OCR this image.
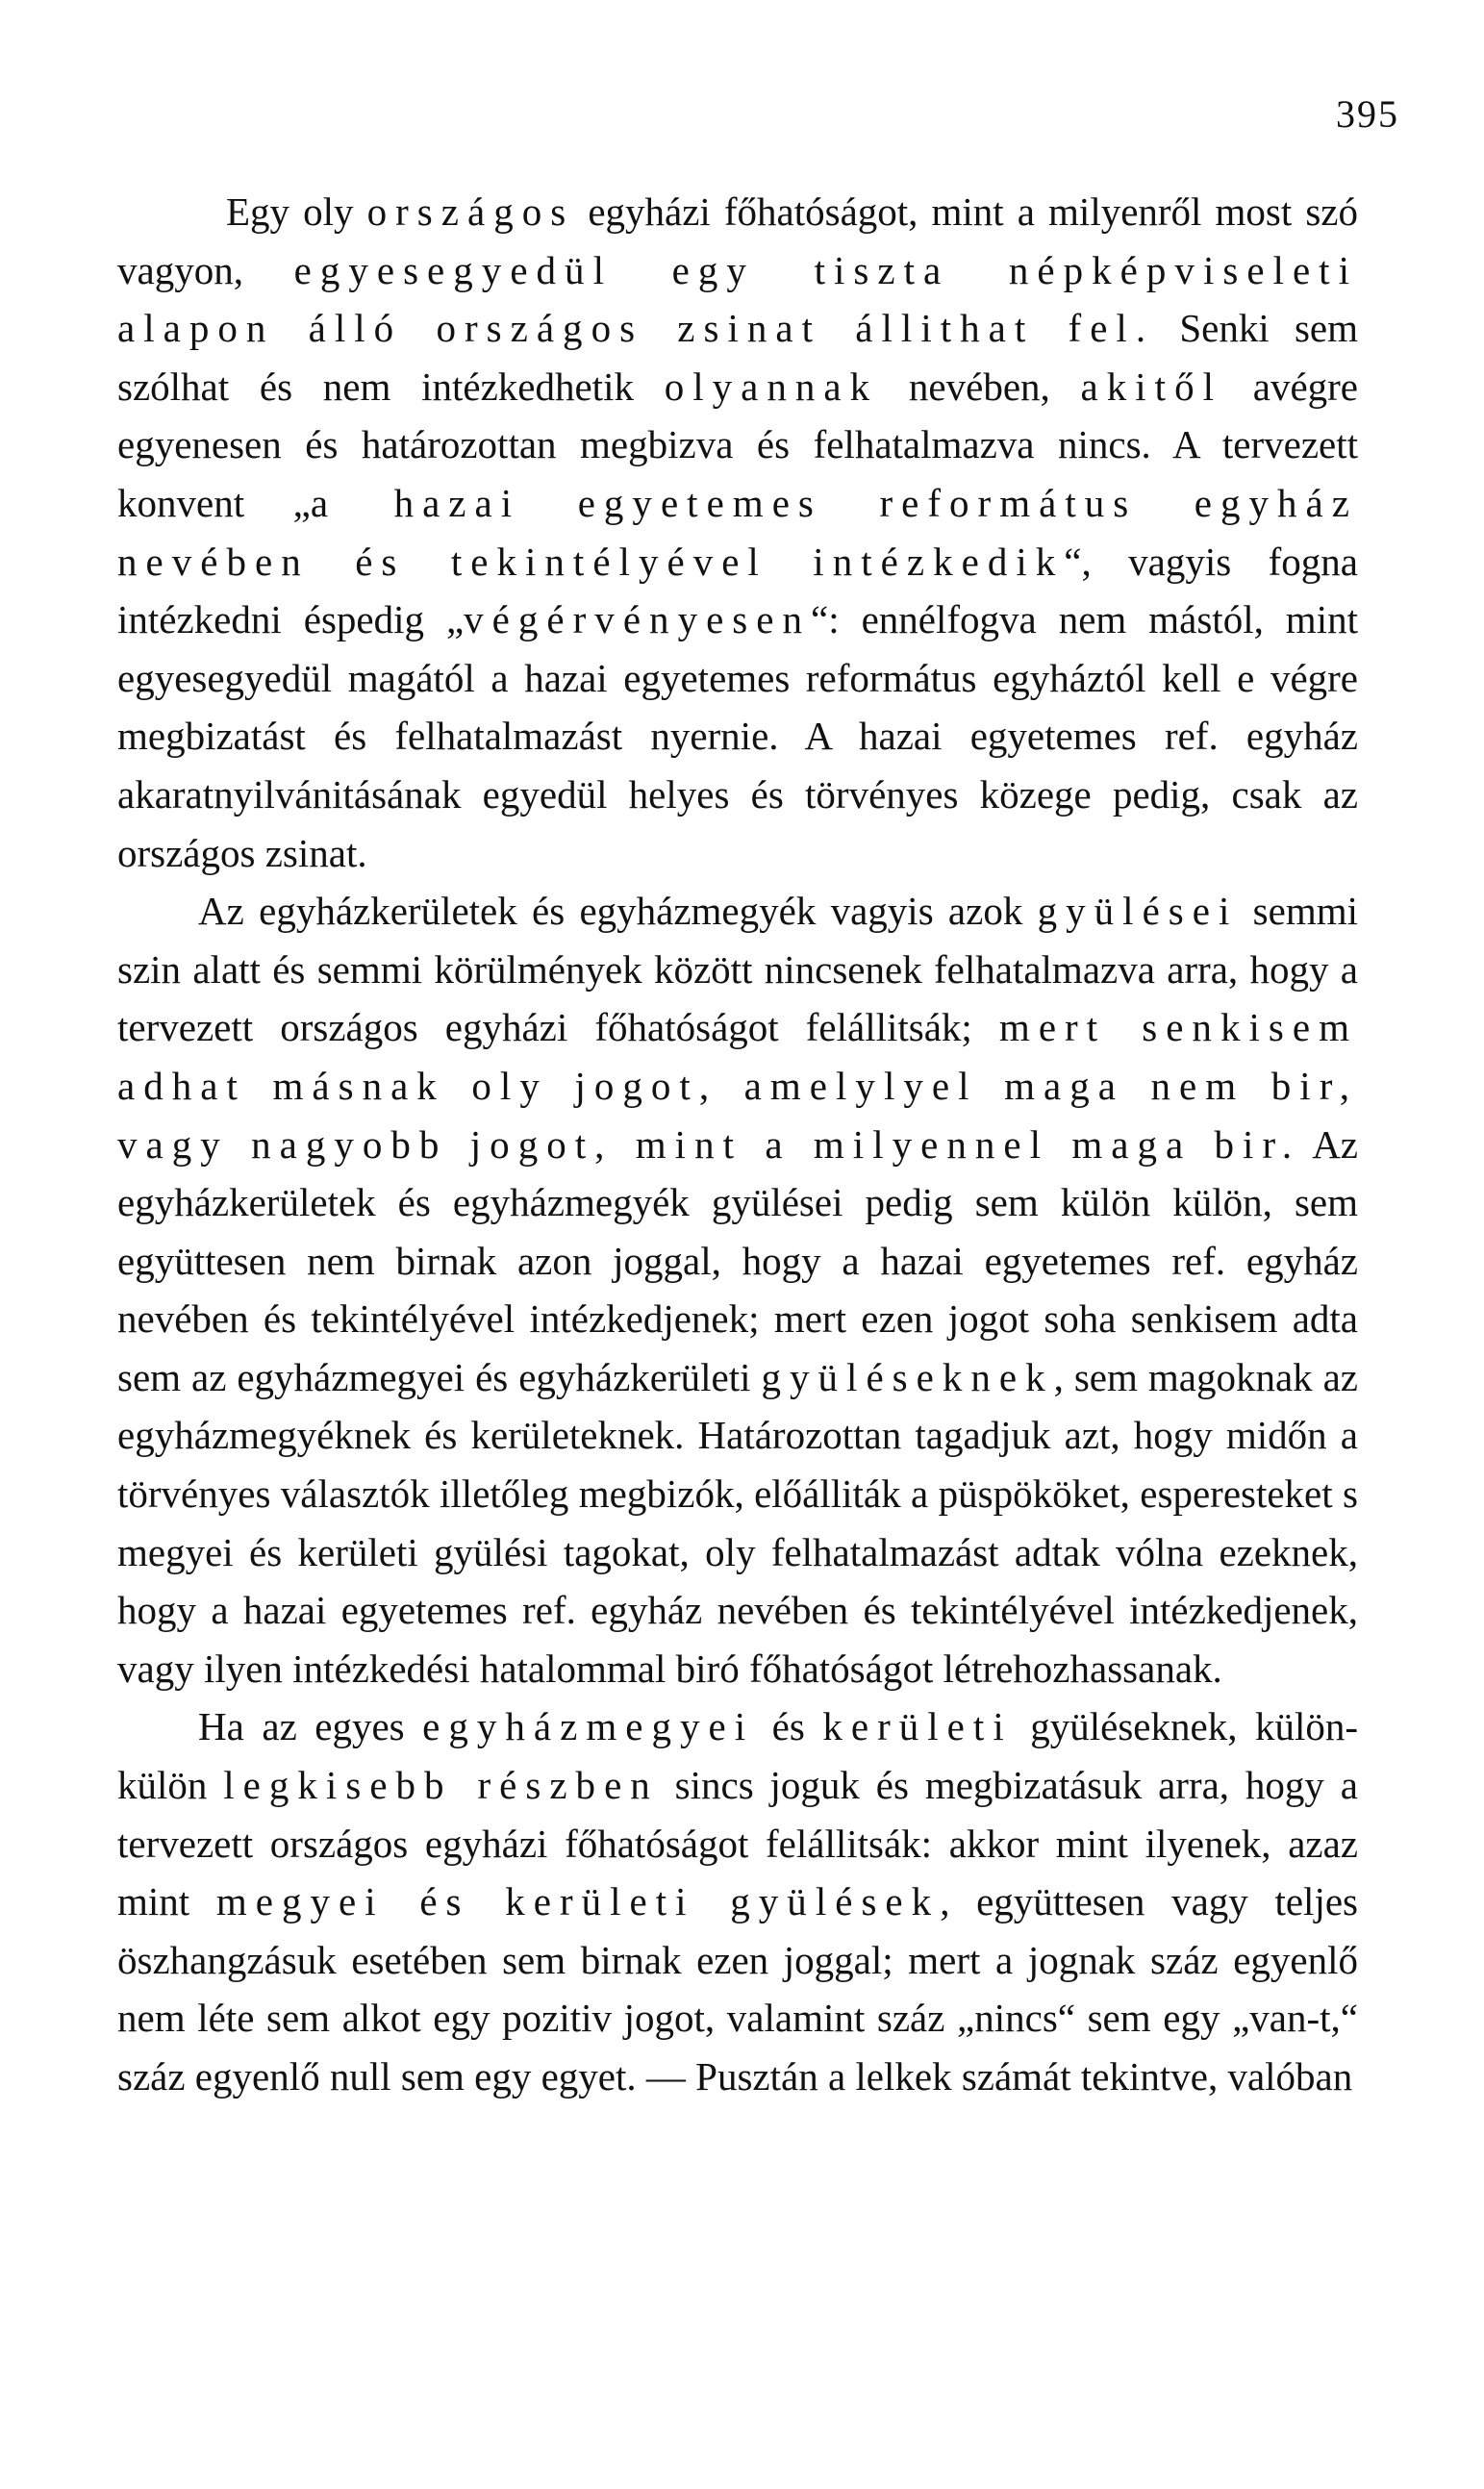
395

Egy oly országos egyházi főhatóságot, mint a milyenről most szó vagyon, egyesegyedül egy tiszta népképviseleti alapon álló országos zsinat állithat fel. Senki sem szólhat és nem intézkedhetik olyannak nevében, akitől avégre egyenesen és határozottan megbizva és felhatalmazva nincs. A tervezett konvent „a hazai egyetemes református egyház nevében és tekintélyével intézkedik“, vagyis fogna intézkedni éspedig „végérvényesen“: ennélfogva nem mástól, mint egyesegyedül magától a hazai egyetemes református egyháztól kell e végre megbizatást és felhatalmazást nyernie. A hazai egyetemes ref. egyház akaratnyilvánitásának egyedül helyes és törvényes közege pedig, csak az országos zsinat.

Az egyházkerületek és egyházmegyék vagyis azok gyülései semmi szin alatt és semmi körülmények között nincsenek felhatalmazva arra, hogy a tervezett országos egyházi főhatóságot felállitsák; mert senkisem adhat másnak oly jogot, amelylyel maga nem bir, vagy nagyobb jogot, mint a milyennel maga bir. Az egyházkerületek és egyházmegyék gyülései pedig sem külön külön, sem együttesen nem birnak azon joggal, hogy a hazai egyetemes ref. egyház nevében és tekintélyével intézkedjenek; mert ezen jogot soha senkisem adta sem az egyházmegyei és egyházkerületi gyüléseknek, sem magoknak az egyházmegyéknek és kerületeknek. Határozottan tagadjuk azt, hogy midőn a törvényes választók illetőleg megbizók, előálliták a püspököket, esperesteket s megyei és kerületi gyülési tagokat, oly felhatalmazást adtak vólna ezeknek, hogy a hazai egyetemes ref. egyház nevében és tekintélyével intézkedjenek, vagy ilyen intézkedési hatalommal biró főhatóságot létrehozhassanak.

Ha az egyes egyházmegyei és kerületi gyüléseknek, külön-külön legkisebb részben sincs joguk és megbizatásuk arra, hogy a tervezett országos egyházi főhatóságot felállitsák: akkor mint ilyenek, azaz mint megyei és kerületi gyülések, együttesen vagy teljes öszhangzásuk esetében sem birnak ezen joggal; mert a jognak száz egyenlő nem léte sem alkot egy pozitiv jogot, valamint száz „nincs“ sem egy „van-t,“ száz egyenlő null sem egy egyet. — Pusztán a lelkek számát tekintve, valóban
